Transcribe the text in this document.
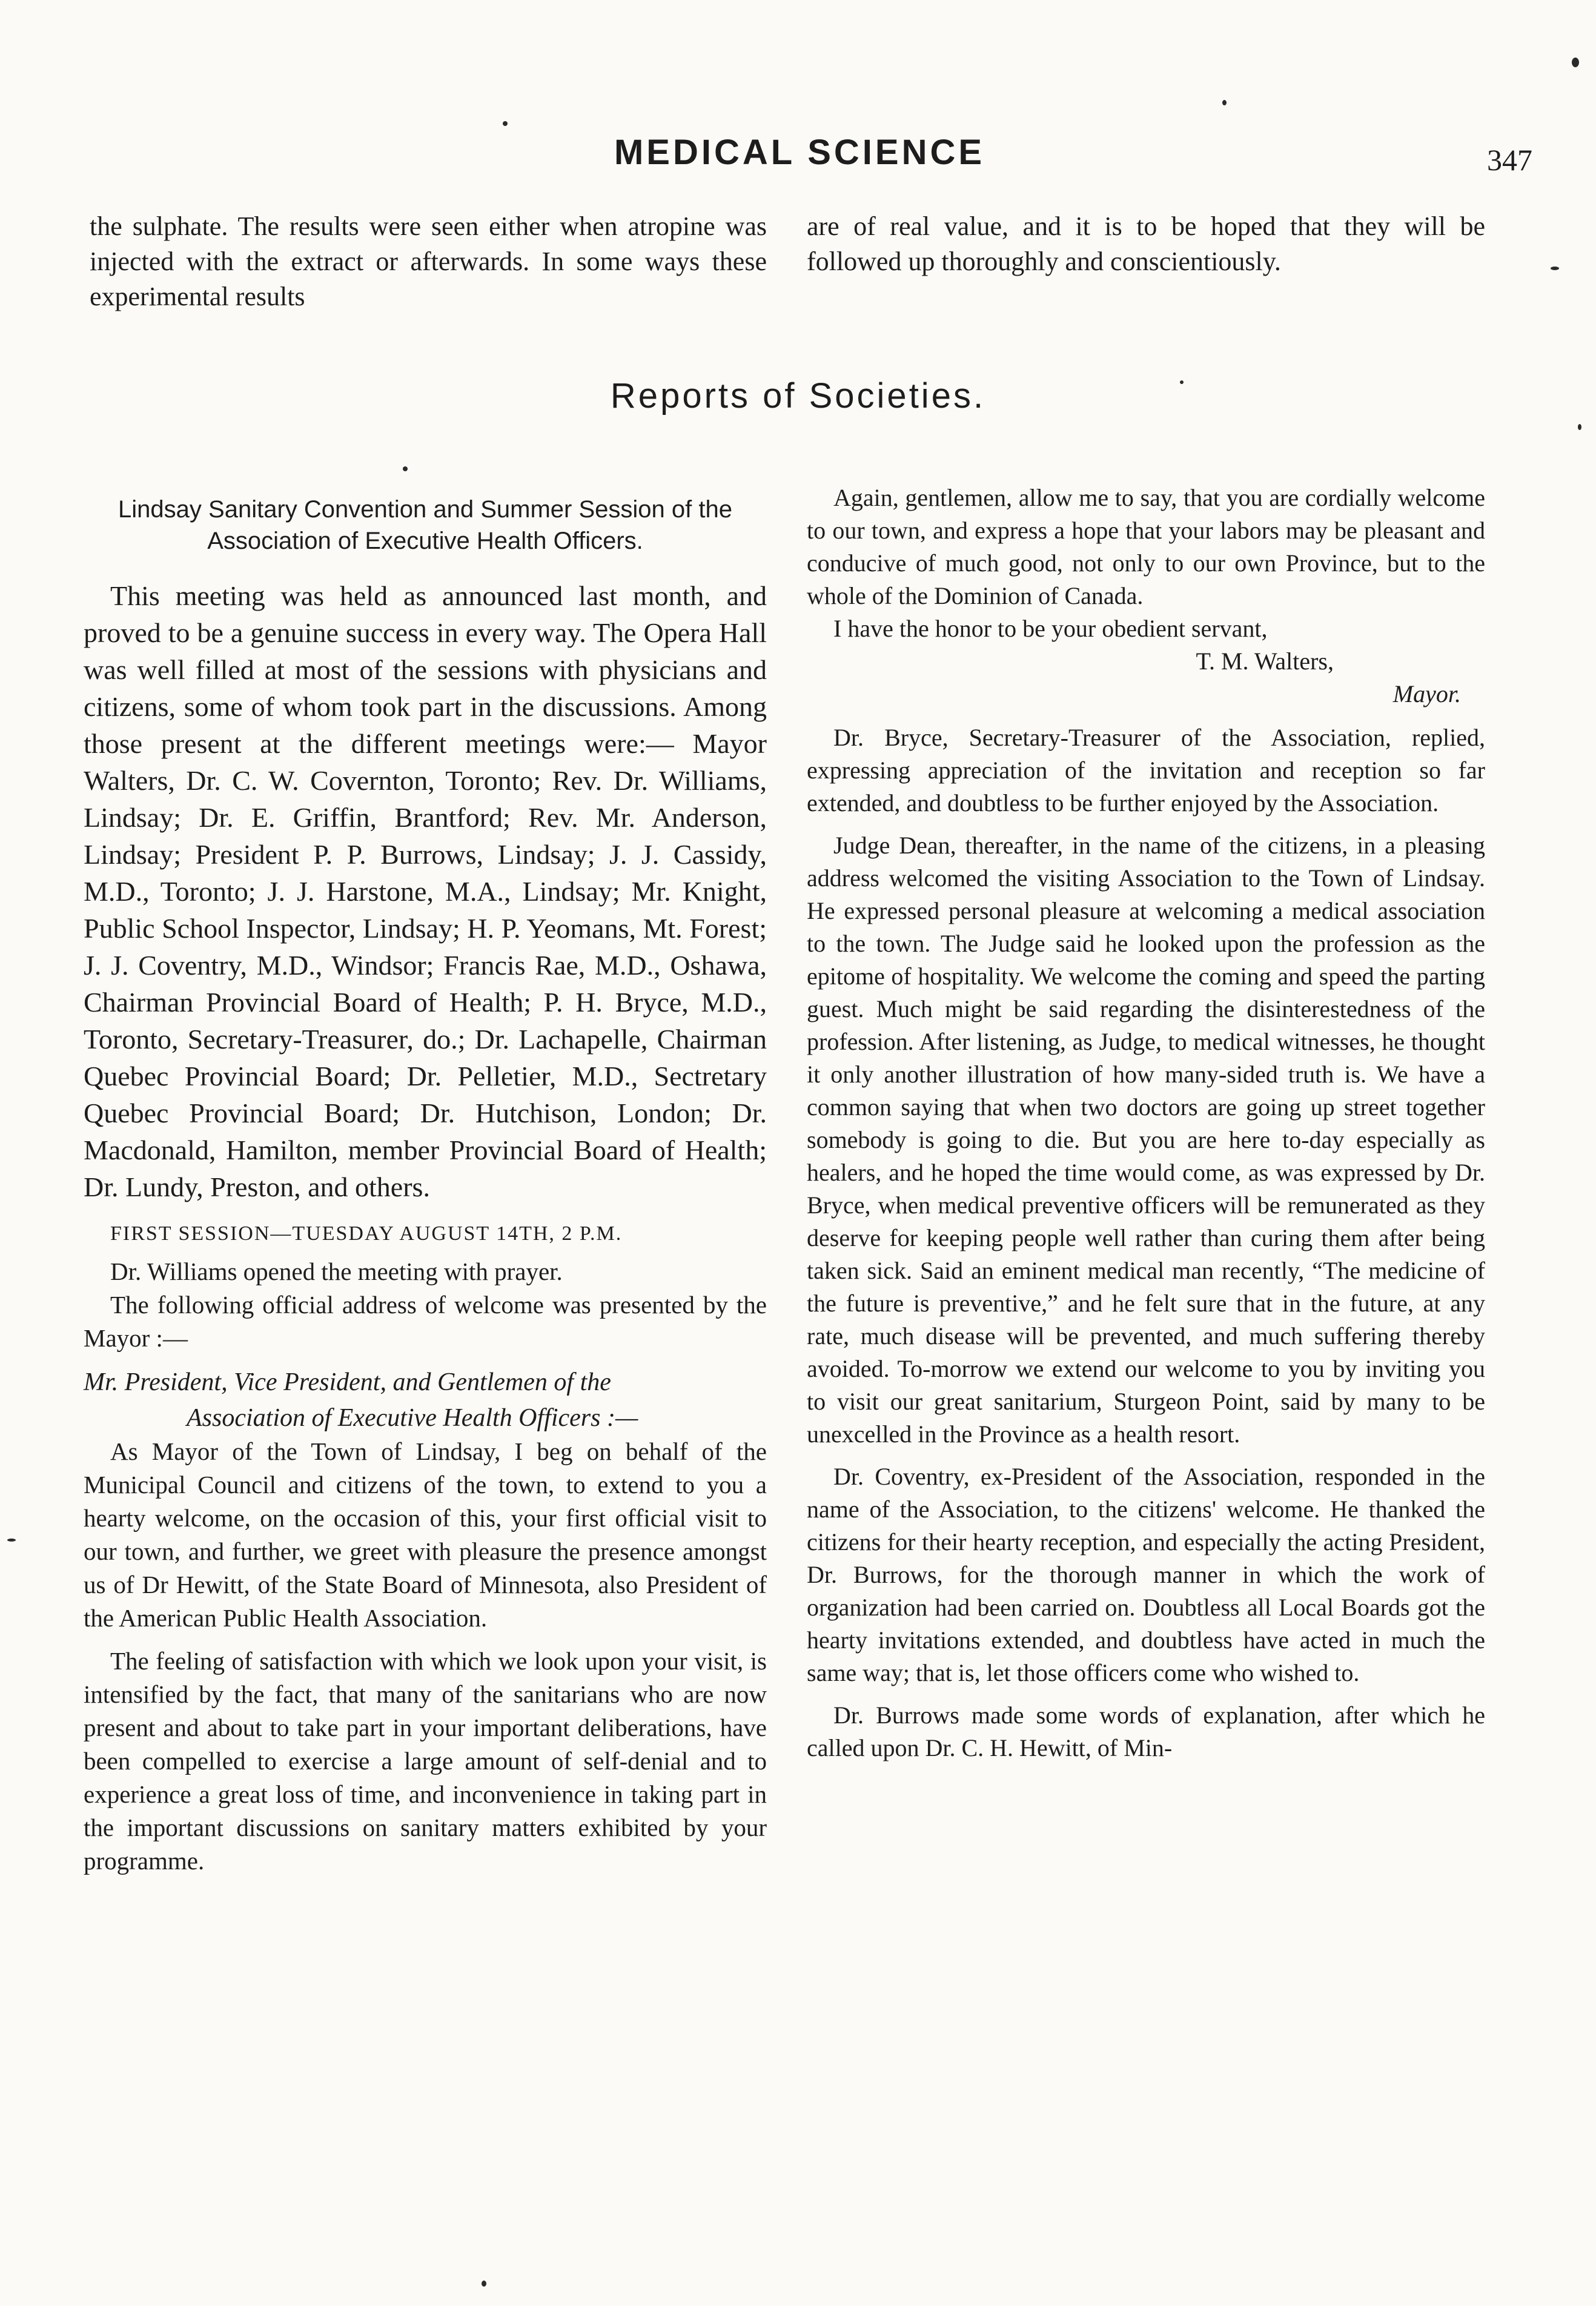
MEDICAL SCIENCE	347
the sulphate. The results were seen either when atropine was injected with the extract or afterwards. In some ways these experimental results
are of real value, and it is to be hoped that they will be followed up thoroughly and conscientiously.
Reports of Societies.
Lindsay Sanitary Convention and Summer Session of the Association of Executive Health Officers.

This meeting was held as announced last month, and proved to be a genuine success in every way. The Opera Hall was well filled at most of the sessions with physicians and citizens, some of whom took part in the discussions. Among those present at the different meetings were:— Mayor Walters, Dr. C. W. Covernton, Toronto; Rev. Dr. Williams, Lindsay; Dr. E. Griffin, Brantford; Rev. Mr. Anderson, Lindsay; President P. P. Burrows, Lindsay; J. J. Cassidy, M.D., Toronto; J. J. Harstone, M.A., Lindsay; Mr. Knight, Public School Inspector, Lindsay; H. P. Yeomans, Mt. Forest; J. J. Coventry, M.D., Windsor; Francis Rae, M.D., Oshawa, Chairman Provincial Board of Health; P. H. Bryce, M.D., Toronto, Secretary-Treasurer, do.; Dr. Lachapelle, Chairman Quebec Provincial Board; Dr. Pelletier, M.D., Sectretary Quebec Provincial Board; Dr. Hutchison, London; Dr. Macdonald, Hamilton, member Provincial Board of Health; Dr. Lundy, Preston, and others.

FIRST SESSION—TUESDAY AUGUST 14TH, 2 P.M.

Dr. Williams opened the meeting with prayer.

The following official address of welcome was presented by the Mayor :—

Mr. President, Vice President, and Gentlemen of the

Association of Executive Health Officers :—

As Mayor of the Town of Lindsay, I beg on behalf of the Municipal Council and citizens of the town, to extend to you a hearty welcome, on the occasion of this, your first official visit to our town, and further, we greet with pleasure the presence amongst us of Dr Hewitt, of the State Board of Minnesota, also President of the American Public Health Association.

The feeling of satisfaction with which we look upon your visit, is intensified by the fact, that many of the sanitarians who are now present and about to take part in your important deliberations, have been compelled to exercise a large amount of self-denial and to experience a great loss of time, and inconvenience in taking part in the important discussions on sanitary matters exhibited by your programme.

Again, gentlemen, allow me to say, that you are cordially welcome to our town, and express a hope that your labors may be pleasant and conducive of much good, not only to our own Province, but to the whole of the Dominion of Canada.

I have the honor to be your obedient servant,

T. M. Walters,

Mayor.

Dr. Bryce, Secretary-Treasurer of the Association, replied, expressing appreciation of the invitation and reception so far extended, and doubtless to be further enjoyed by the Association.

Judge Dean, thereafter, in the name of the citizens, in a pleasing address welcomed the visiting Association to the Town of Lindsay. He expressed personal pleasure at welcoming a medical association to the town. The Judge said he looked upon the profession as the epitome of hospitality. We welcome the coming and speed the parting guest. Much might be said regarding the disinterestedness of the profession. After listening, as Judge, to medical witnesses, he thought it only another illustration of how many-sided truth is. We have a common saying that when two doctors are going up street together somebody is going to die. But you are here to-day especially as healers, and he hoped the time would come, as was expressed by Dr. Bryce, when medical preventive officers will be remunerated as they deserve for keeping people well rather than curing them after being taken sick. Said an eminent medical man recently, “The medicine of the future is preventive,” and he felt sure that in the future, at any rate, much disease will be prevented, and much suffering thereby avoided. To-morrow we extend our welcome to you by inviting you to visit our great sanitarium, Sturgeon Point, said by many to be unexcelled in the Province as a health resort.

Dr. Coventry, ex-President of the Association, responded in the name of the Association, to the citizens' welcome. He thanked the citizens for their hearty reception, and especially the acting President, Dr. Burrows, for the thorough manner in which the work of organization had been carried on. Doubtless all Local Boards got the hearty invitations extended, and doubtless have acted in much the same way; that is, let those officers come who wished to.

Dr. Burrows made some words of explanation, after which he called upon Dr. C. H. Hewitt, of Min-
